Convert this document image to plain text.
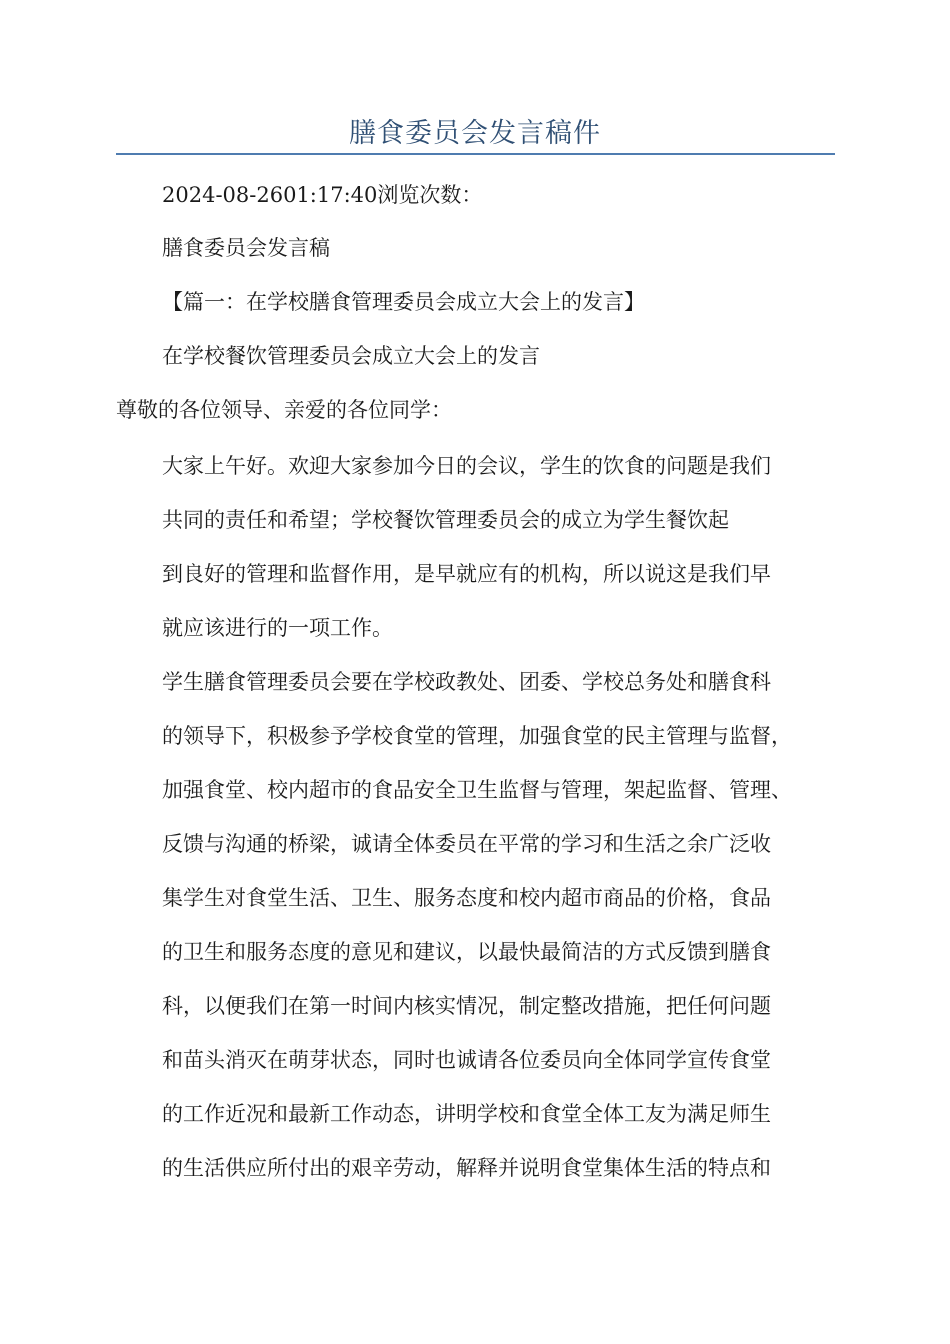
膳食委员会发言稿件
2024-08-2601:17:40浏览次数：
膳食委员会发言稿
【篇一：在学校膳食管理委员会成立大会上的发言】
在学校餐饮管理委员会成立大会上的发言
尊敬的各位领导、亲爱的各位同学：
大家上午好。欢迎大家参加今日的会议，学生的饮食的问题是我们
共同的责任和希望；学校餐饮管理委员会的成立为学生餐饮起
到良好的管理和监督作用，是早就应有的机构，所以说这是我们早
就应该进行的一项工作。
学生膳食管理委员会要在学校政教处、团委、学校总务处和膳食科
的领导下，积极参予学校食堂的管理，加强食堂的民主管理与监督，
加强食堂、校内超市的食品安全卫生监督与管理，架起监督、管理、
反馈与沟通的桥梁，诚请全体委员在平常的学习和生活之余广泛收
集学生对食堂生活、卫生、服务态度和校内超市商品的价格，食品
的卫生和服务态度的意见和建议，以最快最简洁的方式反馈到膳食
科，以便我们在第一时间内核实情况，制定整改措施，把任何问题
和苗头消灭在萌芽状态，同时也诚请各位委员向全体同学宣传食堂
的工作近况和最新工作动态，讲明学校和食堂全体工友为满足师生
的生活供应所付出的艰辛劳动，解释并说明食堂集体生活的特点和
